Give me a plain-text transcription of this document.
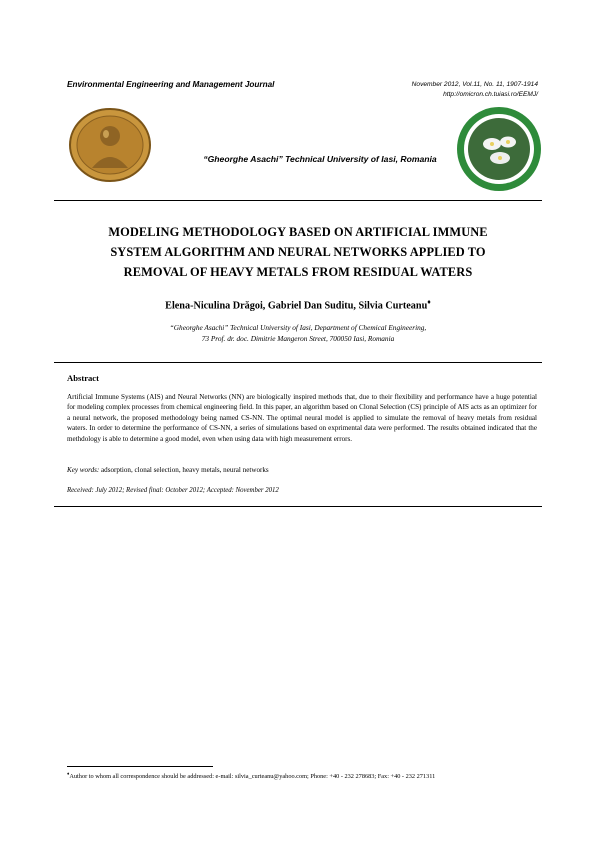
Environmental Engineering and Management Journal	November 2012, Vol.11, No. 11, 1907-1914
http://omicron.ch.tuiasi.ro/EEMJ/
“Gheorghe Asachi” Technical University of Iasi, Romania
MODELING METHODOLOGY BASED ON ARTIFICIAL IMMUNE
SYSTEM ALGORITHM AND NEURAL NETWORKS APPLIED TO
REMOVAL OF HEAVY METALS FROM RESIDUAL WATERS
Elena-Niculina Drăgoi, Gabriel Dan Suditu, Silvia Curteanu♦
“Gheorghe Asachi” Technical University of Iasi, Department of Chemical Engineering,
73 Prof. dr. doc. Dimitrie Mangeron Street, 700050 Iasi, Romania
Abstract
Artificial Immune Systems (AIS) and Neural Networks (NN) are biologically inspired methods that, due to their flexibility and performance have a huge potential for modeling complex processes from chemical engineering field. In this paper, an algorithm based on Clonal Selection (CS) principle of AIS acts as an optimizer for a neural network, the proposed methodology being named CS-NN. The optimal neural model is applied to simulate the removal of heavy metals from residual waters. In order to determine the performance of CS-NN, a series of simulations based on exprimental data were performed. The results obtained indicated that the methdology is able to determine a good model, even when using data with high measurement errors.
Key words: adsorption, clonal selection, heavy metals, neural networks
Received: July 2012; Revised final: October 2012; Accepted: November 2012
♦Author to whom all correspondence should be addressed: e-mail: silvia_curteanu@yahoo.com; Phone: +40 - 232 278683; Fax: +40 - 232 271311
